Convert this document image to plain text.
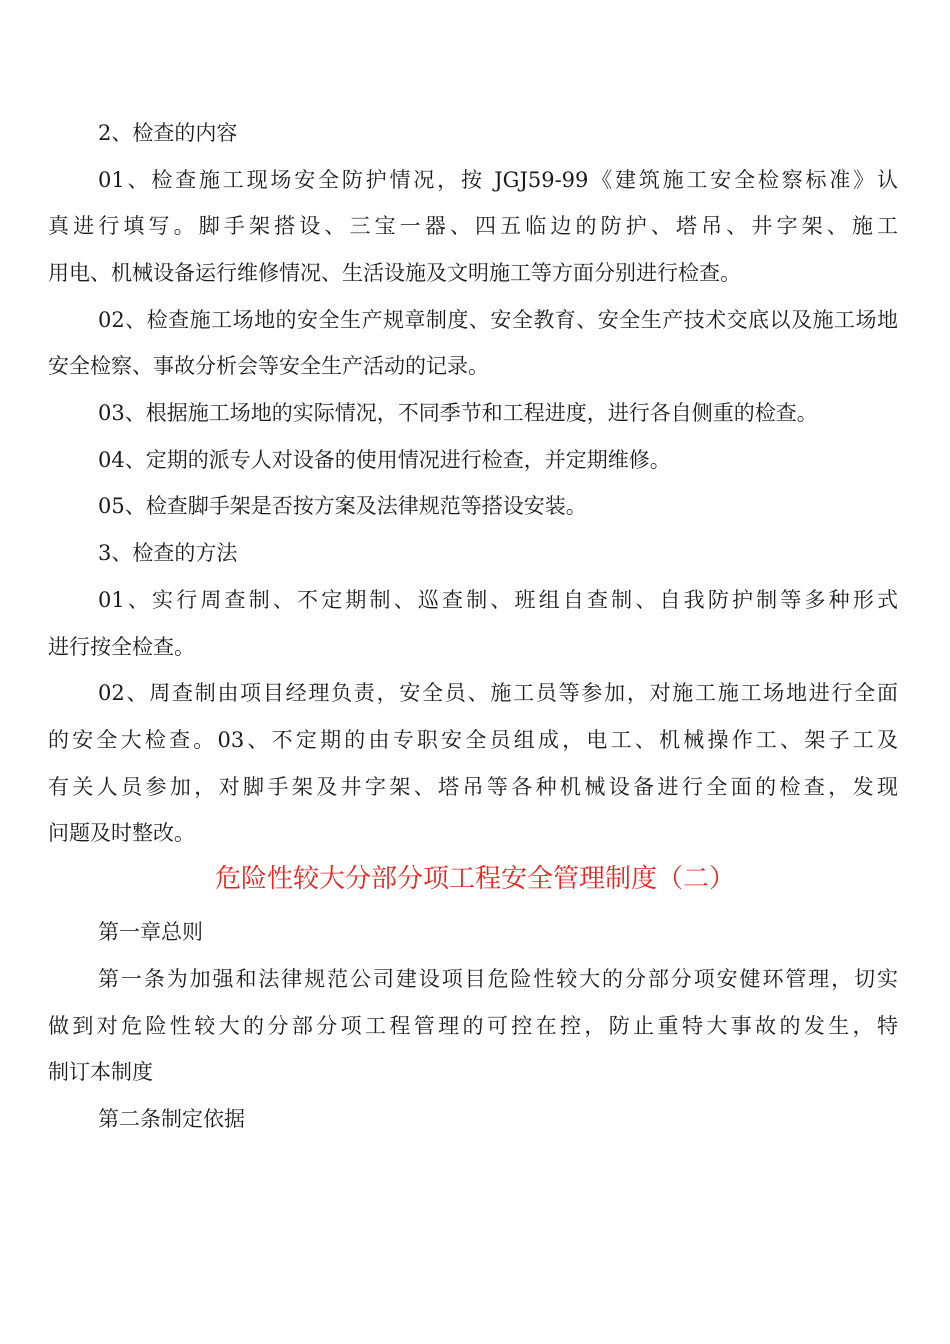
2、检查的内容
01、检查施工现场安全防护情况，按 JGJ59-99《建筑施工安全检察标准》认
真进行填写。脚手架搭设、三宝一器、四五临边的防护、塔吊、井字架、施工
用电、机械设备运行维修情况、生活设施及文明施工等方面分别进行检查。
02、检查施工场地的安全生产规章制度、安全教育、安全生产技术交底以及施工场地
安全检察、事故分析会等安全生产活动的记录。
03、根据施工场地的实际情况，不同季节和工程进度，进行各自侧重的检查。
04、定期的派专人对设备的使用情况进行检查，并定期维修。
05、检查脚手架是否按方案及法律规范等搭设安装。
3、检查的方法
01、实行周查制、不定期制、巡查制、班组自查制、自我防护制等多种形式
进行按全检查。
02、周查制由项目经理负责，安全员、施工员等参加，对施工施工场地进行全面
的安全大检查。03、不定期的由专职安全员组成，电工、机械操作工、架子工及
有关人员参加，对脚手架及井字架、塔吊等各种机械设备进行全面的检查，发现
问题及时整改。
危险性较大分部分项工程安全管理制度（二）
第一章总则
第一条为加强和法律规范公司建设项目危险性较大的分部分项安健环管理，切实
做到对危险性较大的分部分项工程管理的可控在控，防止重特大事故的发生，特
制订本制度
第二条制定依据
